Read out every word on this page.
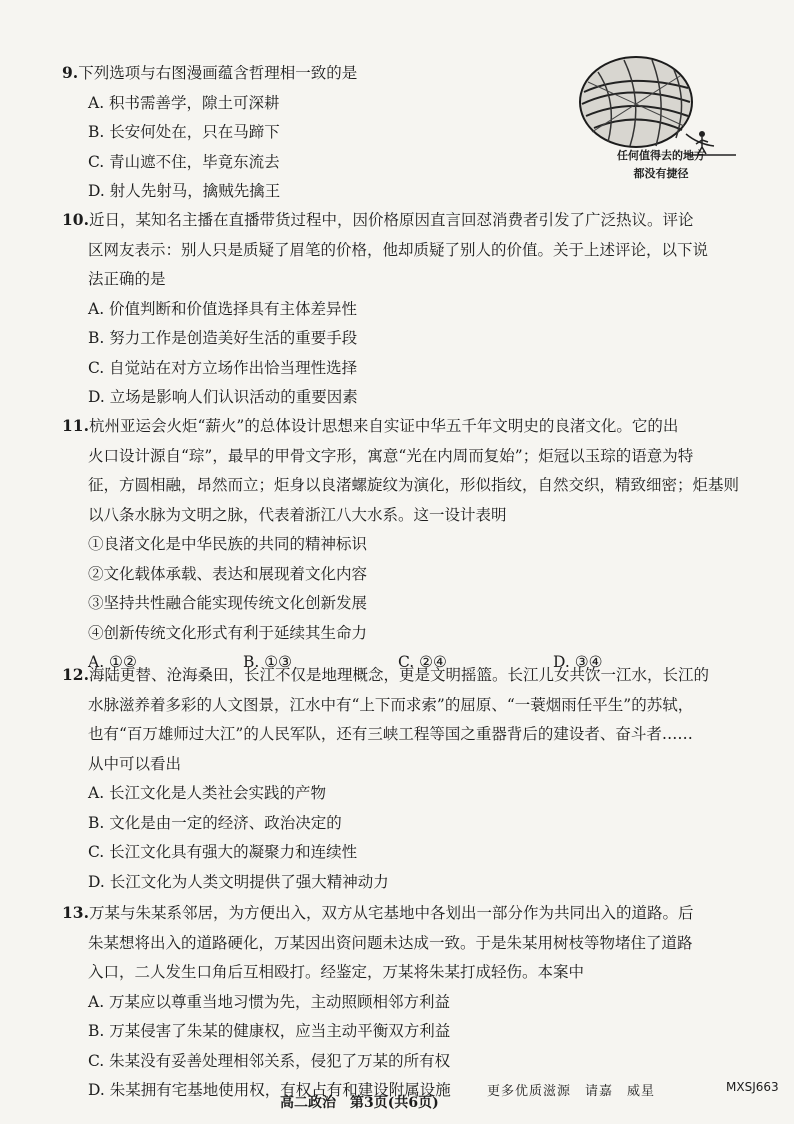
9.下列选项与右图漫画蕴含哲理相一致的是
A. 积书需善学，隙土可深耕
B. 长安何处在，只在马蹄下
C. 青山遮不住，毕竟东流去
D. 射人先射马，擒贼先擒王
任何值得去的地方
都没有捷径
10.近日，某知名主播在直播带货过程中，因价格原因直言回怼消费者引发了广泛热议。评论
区网友表示：别人只是质疑了眉笔的价格，他却质疑了别人的价值。关于上述评论，以下说
法正确的是
A. 价值判断和价值选择具有主体差异性
B. 努力工作是创造美好生活的重要手段
C. 自觉站在对方立场作出恰当理性选择
D. 立场是影响人们认识活动的重要因素
11.杭州亚运会火炬“薪火”的总体设计思想来自实证中华五千年文明史的良渚文化。它的出
火口设计源自“琮”，最早的甲骨文字形，寓意“光在内周而复始”；炬冠以玉琮的语意为特
征，方圆相融，昂然而立；炬身以良渚螺旋纹为演化，形似指纹，自然交织，精致细密；炬基则
以八条水脉为文明之脉，代表着浙江八大水系。这一设计表明
①良渚文化是中华民族的共同的精神标识
②文化载体承载、表达和展现着文化内容
③坚持共性融合能实现传统文化创新发展
④创新传统文化形式有利于延续其生命力
A. ①②	B. ①③	C. ②④	D. ③④
12.海陆更替、沧海桑田，长江不仅是地理概念，更是文明摇篮。长江儿女共饮一江水，长江的
水脉滋养着多彩的人文图景，江水中有“上下而求索”的屈原、“一蓑烟雨任平生”的苏轼，
也有“百万雄师过大江”的人民军队，还有三峡工程等国之重器背后的建设者、奋斗者……
从中可以看出
A. 长江文化是人类社会实践的产物
B. 文化是由一定的经济、政治决定的
C. 长江文化具有强大的凝聚力和连续性
D. 长江文化为人类文明提供了强大精神动力
13.万某与朱某系邻居，为方便出入，双方从宅基地中各划出一部分作为共同出入的道路。后
朱某想将出入的道路硬化，万某因出资问题未达成一致。于是朱某用树枝等物堵住了道路
入口，二人发生口角后互相殴打。经鉴定，万某将朱某打成轻伤。本案中
A. 万某应以尊重当地习惯为先，主动照顾相邻方利益
B. 万某侵害了朱某的健康权，应当主动平衡双方利益
C. 朱某没有妥善处理相邻关系，侵犯了万某的所有权
D. 朱某拥有宅基地使用权，有权占有和建设附属设施
高二政治　第3页(共6页)
更多优质滋源　请嘉　威星	MXSJ663
